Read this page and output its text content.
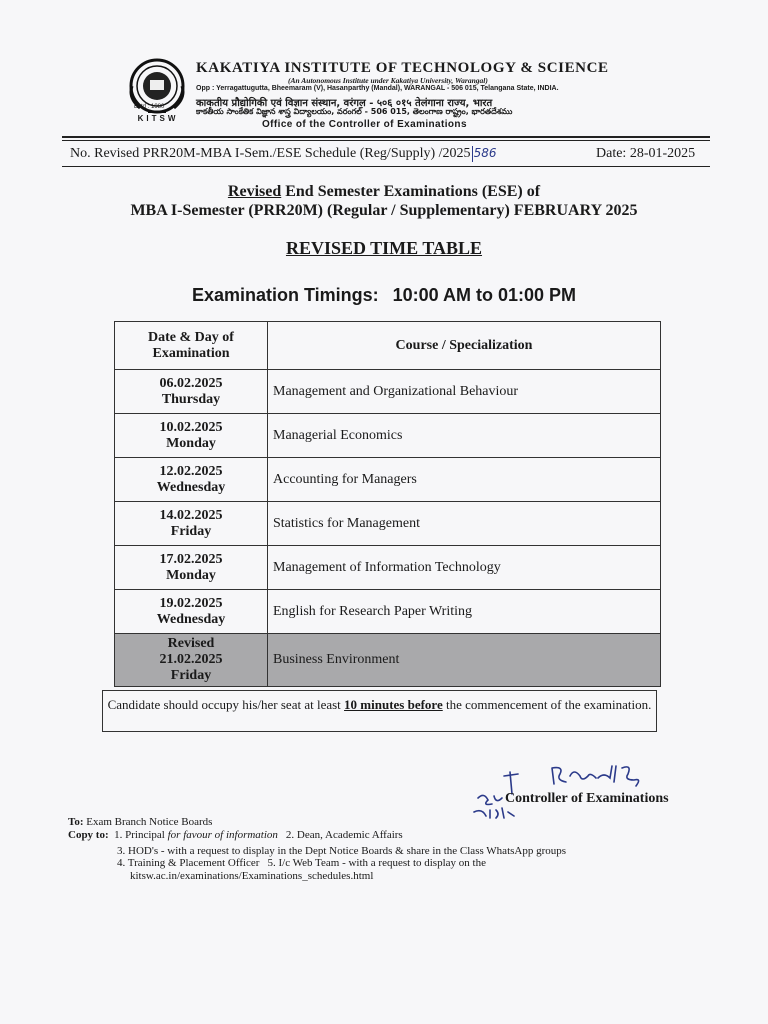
KITSW
Estd : 1980
KAKATIYA INSTITUTE OF TECHNOLOGY & SCIENCE
(An Autonomous Institute under Kakatiya University, Warangal)
Opp : Yerragattugutta, Bheemaram (V), Hasanparthy (Mandal), WARANGAL - 506 015, Telangana State, INDIA.
काकतीय प्रौद्योगिकी एवं विज्ञान संस्थान, वरंगल - ५०६ ०१५ तेलंगाना राज्य, भारत
కాకతీయ సాంకేతిక విజ్ఞాన శాస్త్ర విద్యాలయం, వరంగల్ - 506 015, తెలంగాణ రాష్ట్రం, భారతదేశము
Office of the Controller of Examinations
No. Revised PRR20M-MBA I-Sem./ESE Schedule (Reg/Supply) /2025 586	Date: 28-01-2025
Revised End Semester Examinations (ESE) of
MBA I-Semester (PRR20M) (Regular / Supplementary) FEBRUARY 2025
REVISED TIME TABLE
Examination Timings: 10:00 AM to 01:00 PM
Date & Day of Examination	Course / Specialization
06.02.2025
Thursday	Management and Organizational Behaviour
10.02.2025
Monday	Managerial Economics
12.02.2025
Wednesday	Accounting for Managers
14.02.2025
Friday	Statistics for Management
17.02.2025
Monday	Management of Information Technology
19.02.2025
Wednesday	English for Research Paper Writing
Revised
21.02.2025
Friday	Business Environment
Candidate should occupy his/her seat at least 10 minutes before the commencement of the examination.
Controller of Examinations
To: Exam Branch Notice Boards
Copy to: 1. Principal for favour of information 2. Dean, Academic Affairs
3. HOD's - with a request to display in the Dept Notice Boards & share in the Class WhatsApp groups
4. Training & Placement Officer 5. I/c Web Team - with a request to display on the
kitsw.ac.in/examinations/Examinations_schedules.html
